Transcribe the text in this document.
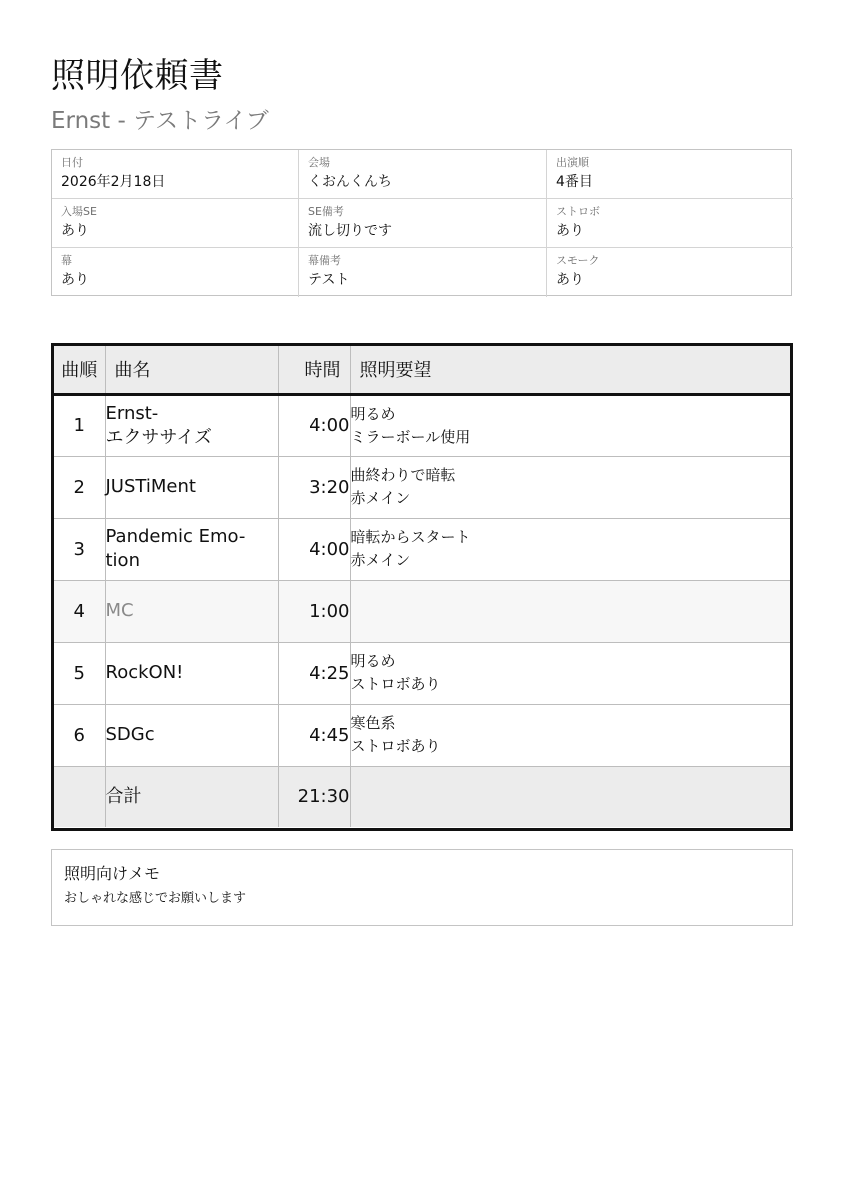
照明依頼書
Ernst - テストライブ
日付
2026年2月18日
会場
くおんくんち
出演順
4番目
入場SE
あり
SE備考
流し切りです
ストロボ
あり
幕
あり
幕備考
テスト
スモーク
あり
曲順	曲名	時間	照明要望
1	Ernst-
エクササイズ	4:00	明るめ
ミラーボール使用

2	JUSTiMent	3:20	曲終わりで暗転
赤メイン

3	Pandemic Emo-
tion	4:00	暗転からスタート
赤メイン

4	MC	1:00	
5	RockON!	4:25	明るめ
ストロボあり

6	SDGc	4:45	寒色系
ストロボあり

	合計	21:30	
照明向けメモ
おしゃれな感じでお願いします
